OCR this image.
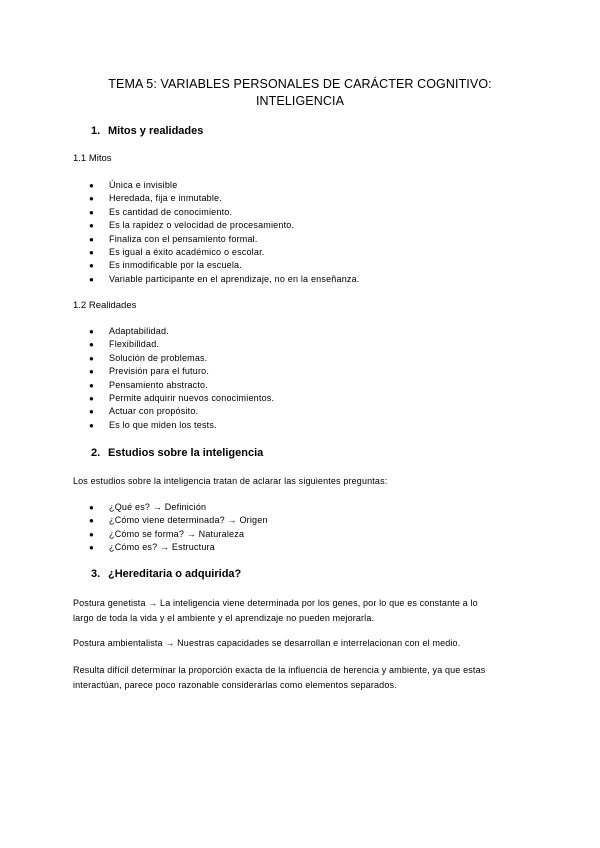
TEMA 5: VARIABLES PERSONALES DE CARÁCTER COGNITIVO:
INTELIGENCIA
1. Mitos y realidades
1.1 Mitos
● Única e invisible
● Heredada, fija e inmutable.
● Es cantidad de conocimiento.
● Es la rapidez o velocidad de procesamiento.
● Finaliza con el pensamiento formal.
● Es igual a éxito académico o escolar.
● Es inmodificable por la escuela.
● Variable participante en el aprendizaje, no en la enseñanza.
1.2 Realidades
● Adaptabilidad.
● Flexibilidad.
● Solución de problemas.
● Previsión para el futuro.
● Pensamiento abstracto.
● Permite adquirir nuevos conocimientos.
● Actuar con propósito.
● Es lo que miden los tests.
2. Estudios sobre la inteligencia
Los estudios sobre la inteligencia tratan de aclarar las siguientes preguntas:
● ¿Qué es? → Definición
● ¿Cómo viene determinada? → Origen
● ¿Cómo se forma? → Naturaleza
● ¿Cómo es? → Estructura
3. ¿Hereditaria o adquirida?
Postura genetista → La inteligencia viene determinada por los genes, por lo que es constante a lo
largo de toda la vida y el ambiente y el aprendizaje no pueden mejorarla.
Postura ambientalista → Nuestras capacidades se desarrollan e interrelacionan con el medio.
Resulta difícil determinar la proporción exacta de la influencia de herencia y ambiente, ya que estas
interactúan, parece poco razonable considerarlas como elementos separados.
